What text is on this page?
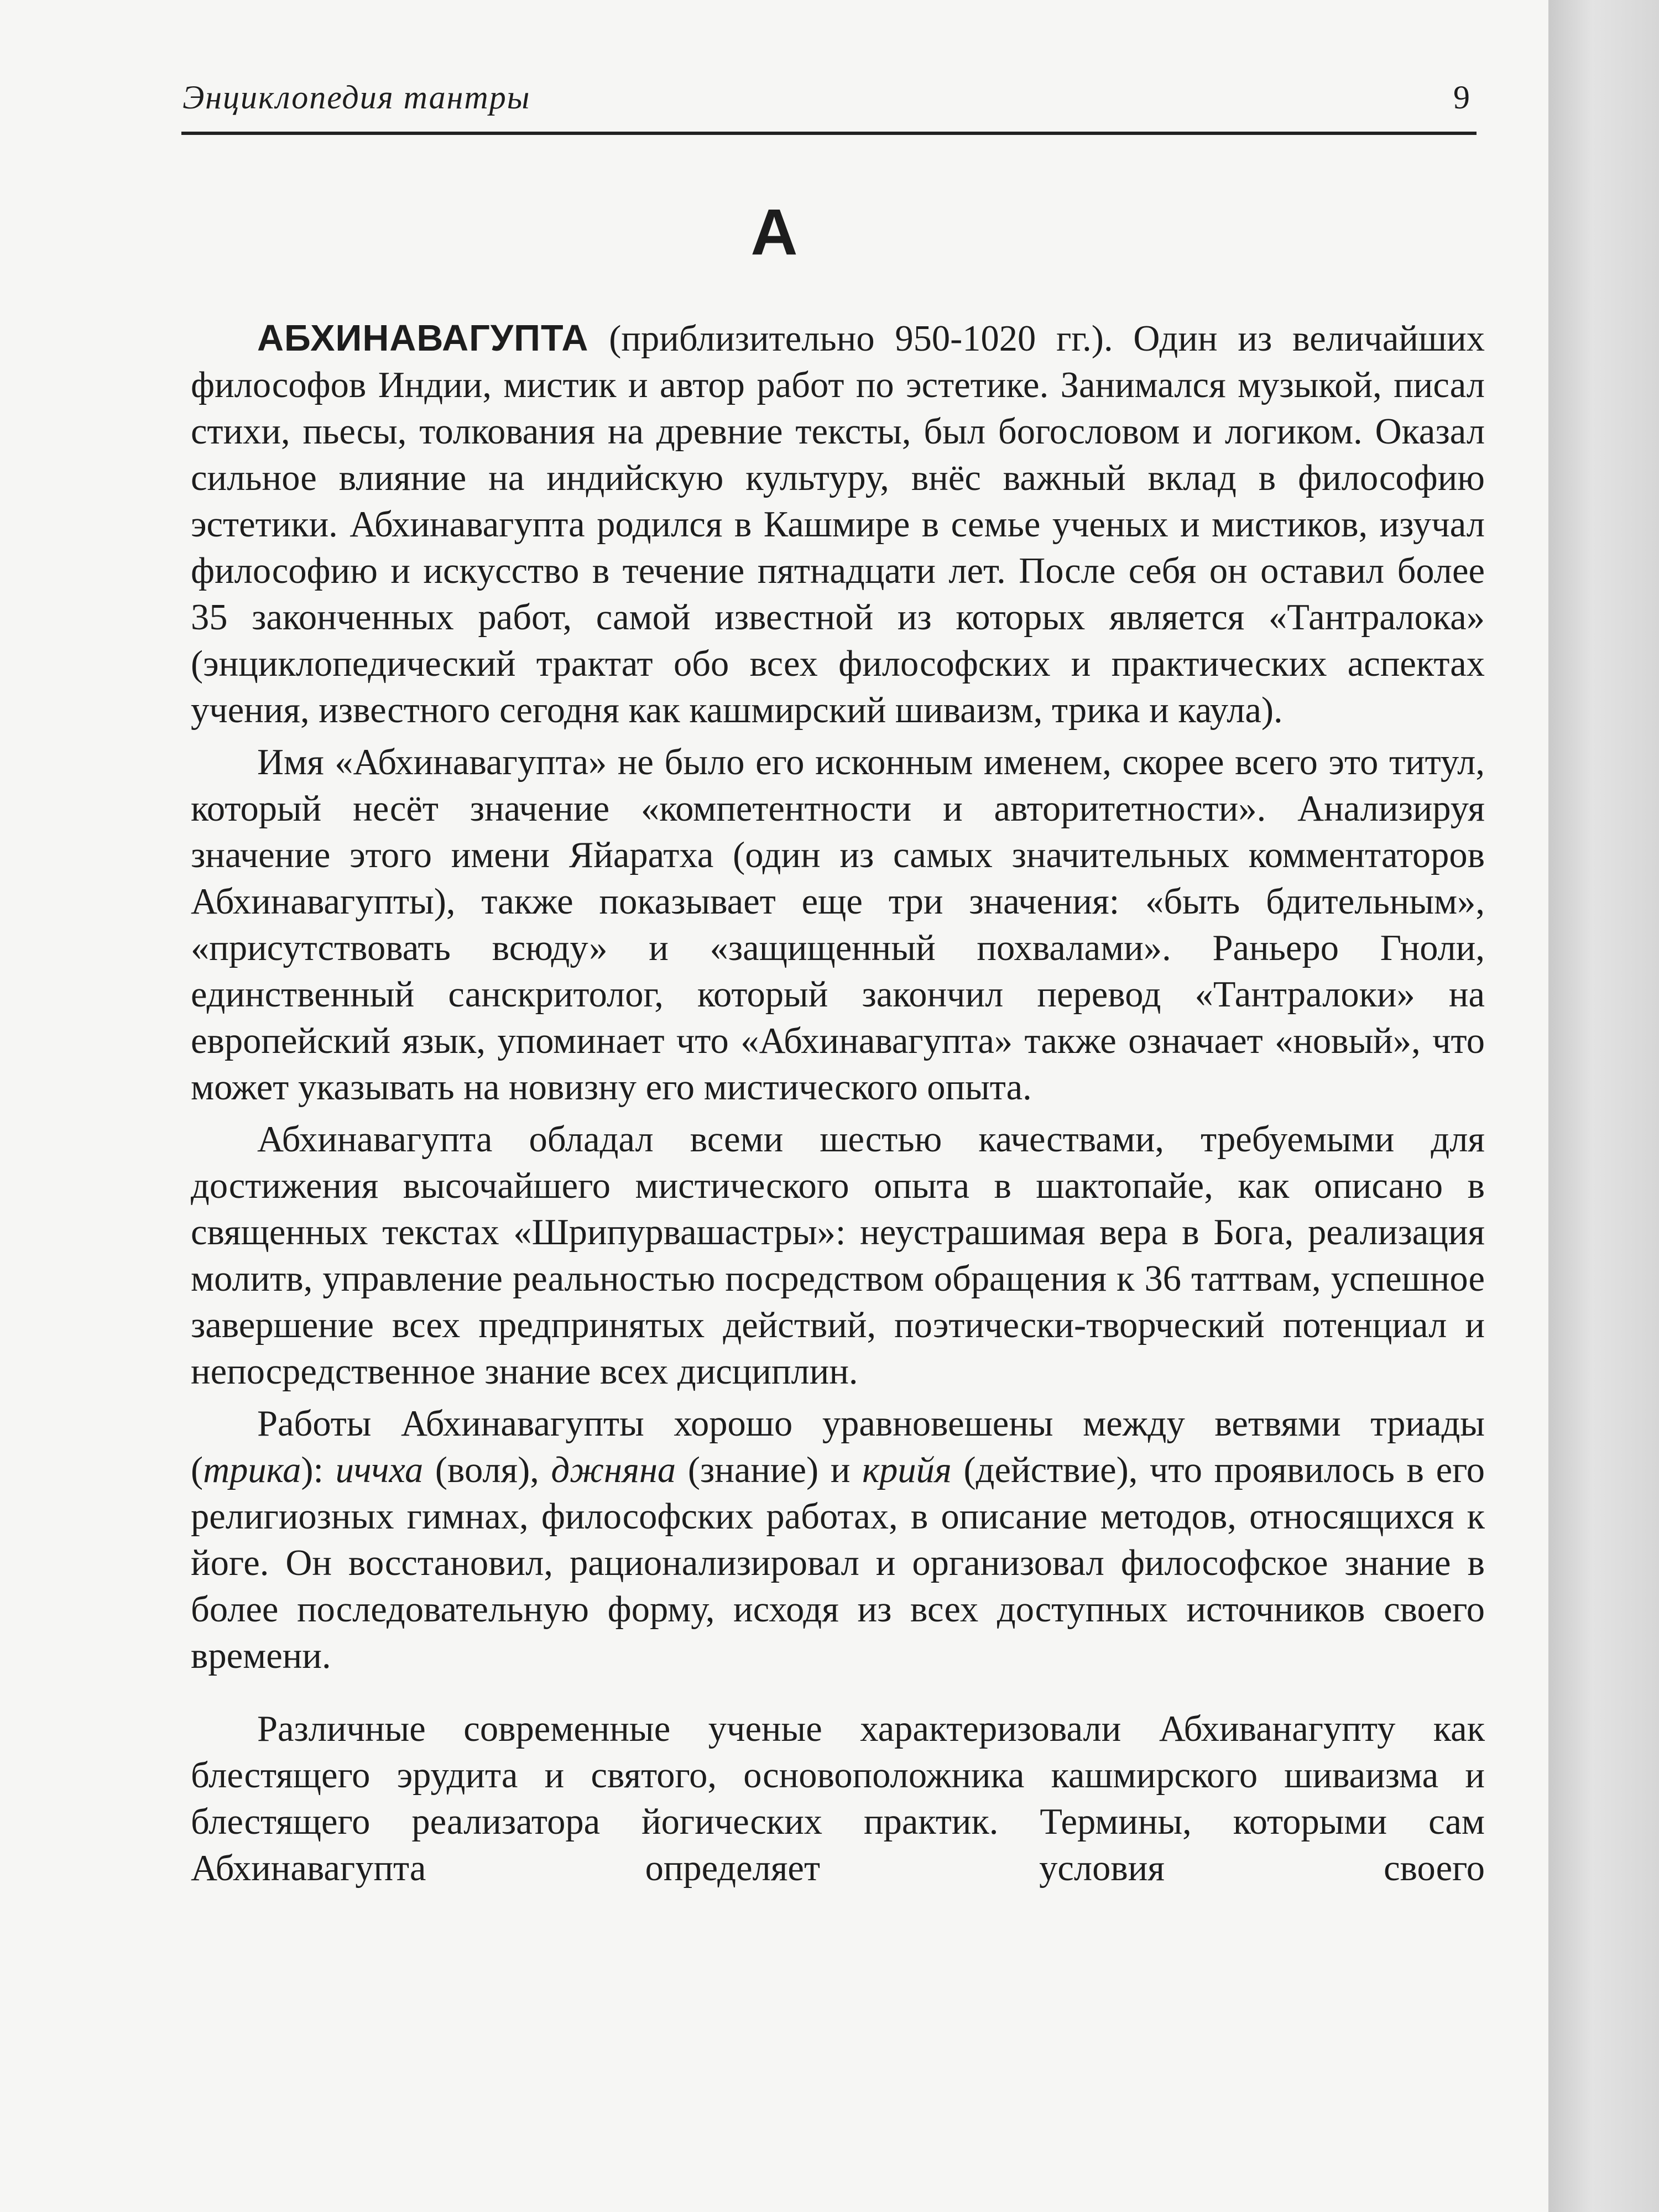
Энциклопедия тантры	9
А

АБХИНАВАГУПТА (приблизительно 950-1020 гг.). Один из величайших философов Индии, мистик и автор работ по эстетике. Занимался музыкой, писал стихи, пьесы, толкования на древние тексты, был богословом и логиком. Оказал сильное влияние на индийскую культуру, внёс важный вклад в философию эстетики. Абхинавагупта родился в Кашмире в семье ученых и мистиков, изучал философию и искусство в течение пятнадцати лет. После себя он оставил более 35 законченных работ, самой известной из которых является «Тантралока» (энциклопедический трактат обо всех философских и практических аспектах учения, известного сегодня как кашмирский шиваизм, трика и каула).

Имя «Абхинавагупта» не было его исконным именем, скорее всего это титул, который несёт значение «компетентности и авторитетности». Анализируя значение этого имени Яйаратха (один из самых значительных комментаторов Абхинавагупты), также показывает еще три значения: «быть бдительным», «присутствовать всюду» и «защищенный похвалами». Раньеро Гноли, единственный санскритолог, который закончил перевод «Тантралоки» на европейский язык, упоминает что «Абхинавагупта» также означает «новый», что может указывать на новизну его мистического опыта.

Абхинавагупта обладал всеми шестью качествами, требуемыми для достижения высочайшего мистического опыта в шактопайе, как описано в священных текстах «Шрипурвашастры»: неустрашимая вера в Бога, реализация молитв, управление реальностью посредством обращения к 36 таттвам, успешное завершение всех предпринятых действий, поэтически-творческий потенциал и непосредственное знание всех дисциплин.

Работы Абхинавагупты хорошо уравновешены между ветвями триады (трика): иччха (воля), джняна (знание) и крийя (действие), что проявилось в его религиозных гимнах, философских работах, в описание методов, относящихся к йоге. Он восстановил, рационализировал и организовал философское знание в более последовательную форму, исходя из всех доступных источников своего времени.

Различные современные ученые характеризовали Абхиванагупту как блестящего эрудита и святого, основоположника кашмирского шиваизма и блестящего реализатора йогических практик. Термины, которыми сам Абхинавагупта определяет условия своего
